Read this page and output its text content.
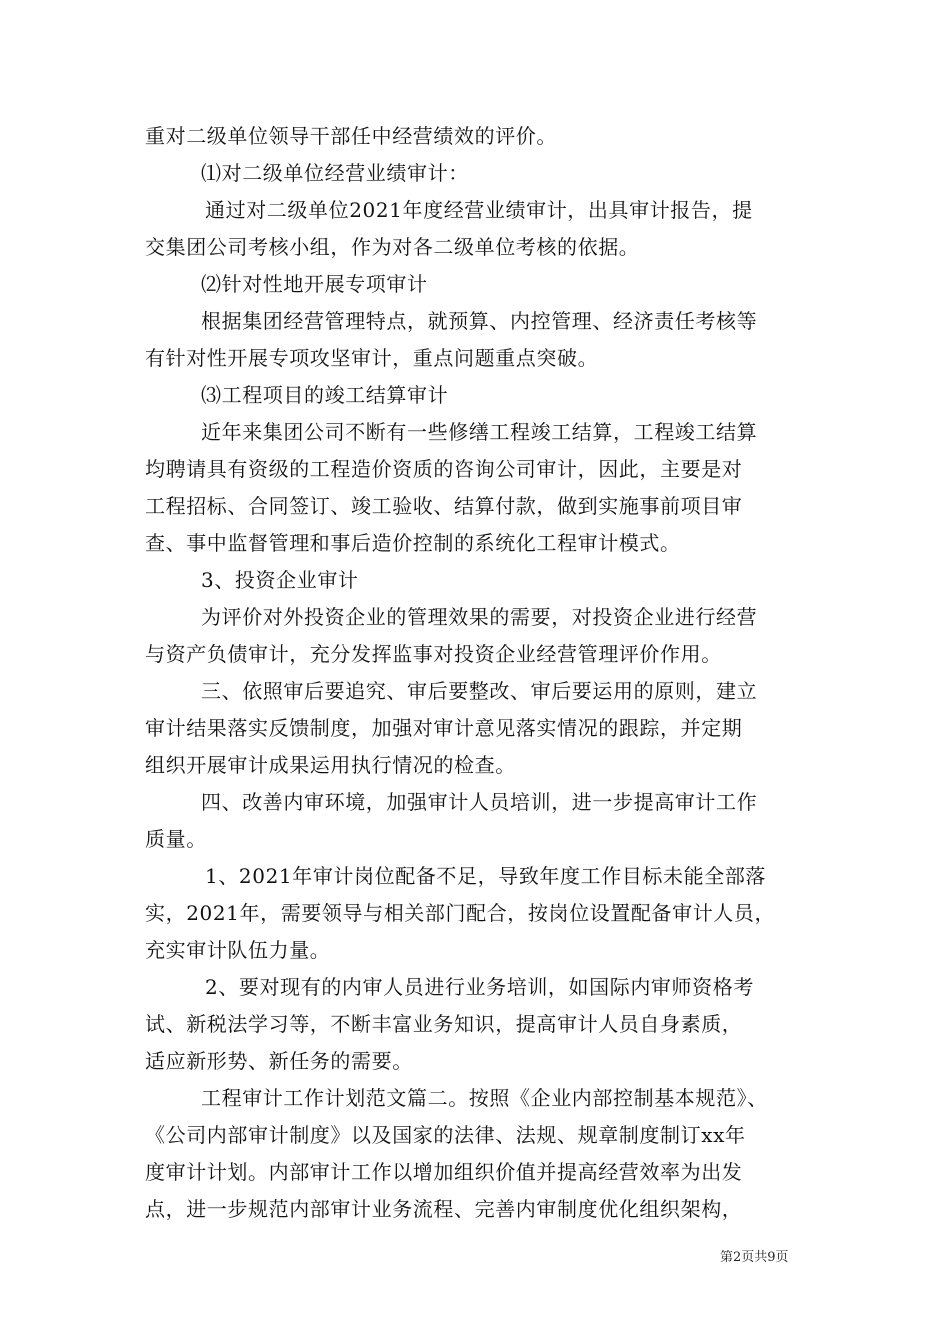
重对二级单位领导干部任中经营绩效的评价。
⑴对二级单位经营业绩审计：
通过对二级单位2021年度经营业绩审计，出具审计报告，提
交集团公司考核小组，作为对各二级单位考核的依据。
⑵针对性地开展专项审计
根据集团经营管理特点，就预算、内控管理、经济责任考核等
有针对性开展专项攻坚审计，重点问题重点突破。
⑶工程项目的竣工结算审计
近年来集团公司不断有一些修缮工程竣工结算，工程竣工结算
均聘请具有资级的工程造价资质的咨询公司审计，因此，主要是对
工程招标、合同签订、竣工验收、结算付款，做到实施事前项目审
查、事中监督管理和事后造价控制的系统化工程审计模式。
3、投资企业审计
为评价对外投资企业的管理效果的需要，对投资企业进行经营
与资产负债审计，充分发挥监事对投资企业经营管理评价作用。
三、依照审后要追究、审后要整改、审后要运用的原则，建立
审计结果落实反馈制度，加强对审计意见落实情况的跟踪，并定期
组织开展审计成果运用执行情况的检查。
四、改善内审环境，加强审计人员培训，进一步提高审计工作
质量。
1、2021年审计岗位配备不足，导致年度工作目标未能全部落
实，2021年，需要领导与相关部门配合，按岗位设置配备审计人员，
充实审计队伍力量。
2、要对现有的内审人员进行业务培训，如国际内审师资格考
试、新税法学习等，不断丰富业务知识，提高审计人员自身素质，
适应新形势、新任务的需要。
工程审计工作计划范文篇二。按照《企业内部控制基本规范》、
《公司内部审计制度》以及国家的法律、法规、规章制度制订xx年
度审计计划。内部审计工作以增加组织价值并提高经营效率为出发
点，进一步规范内部审计业务流程、完善内审制度优化组织架构，
第2页共9页
